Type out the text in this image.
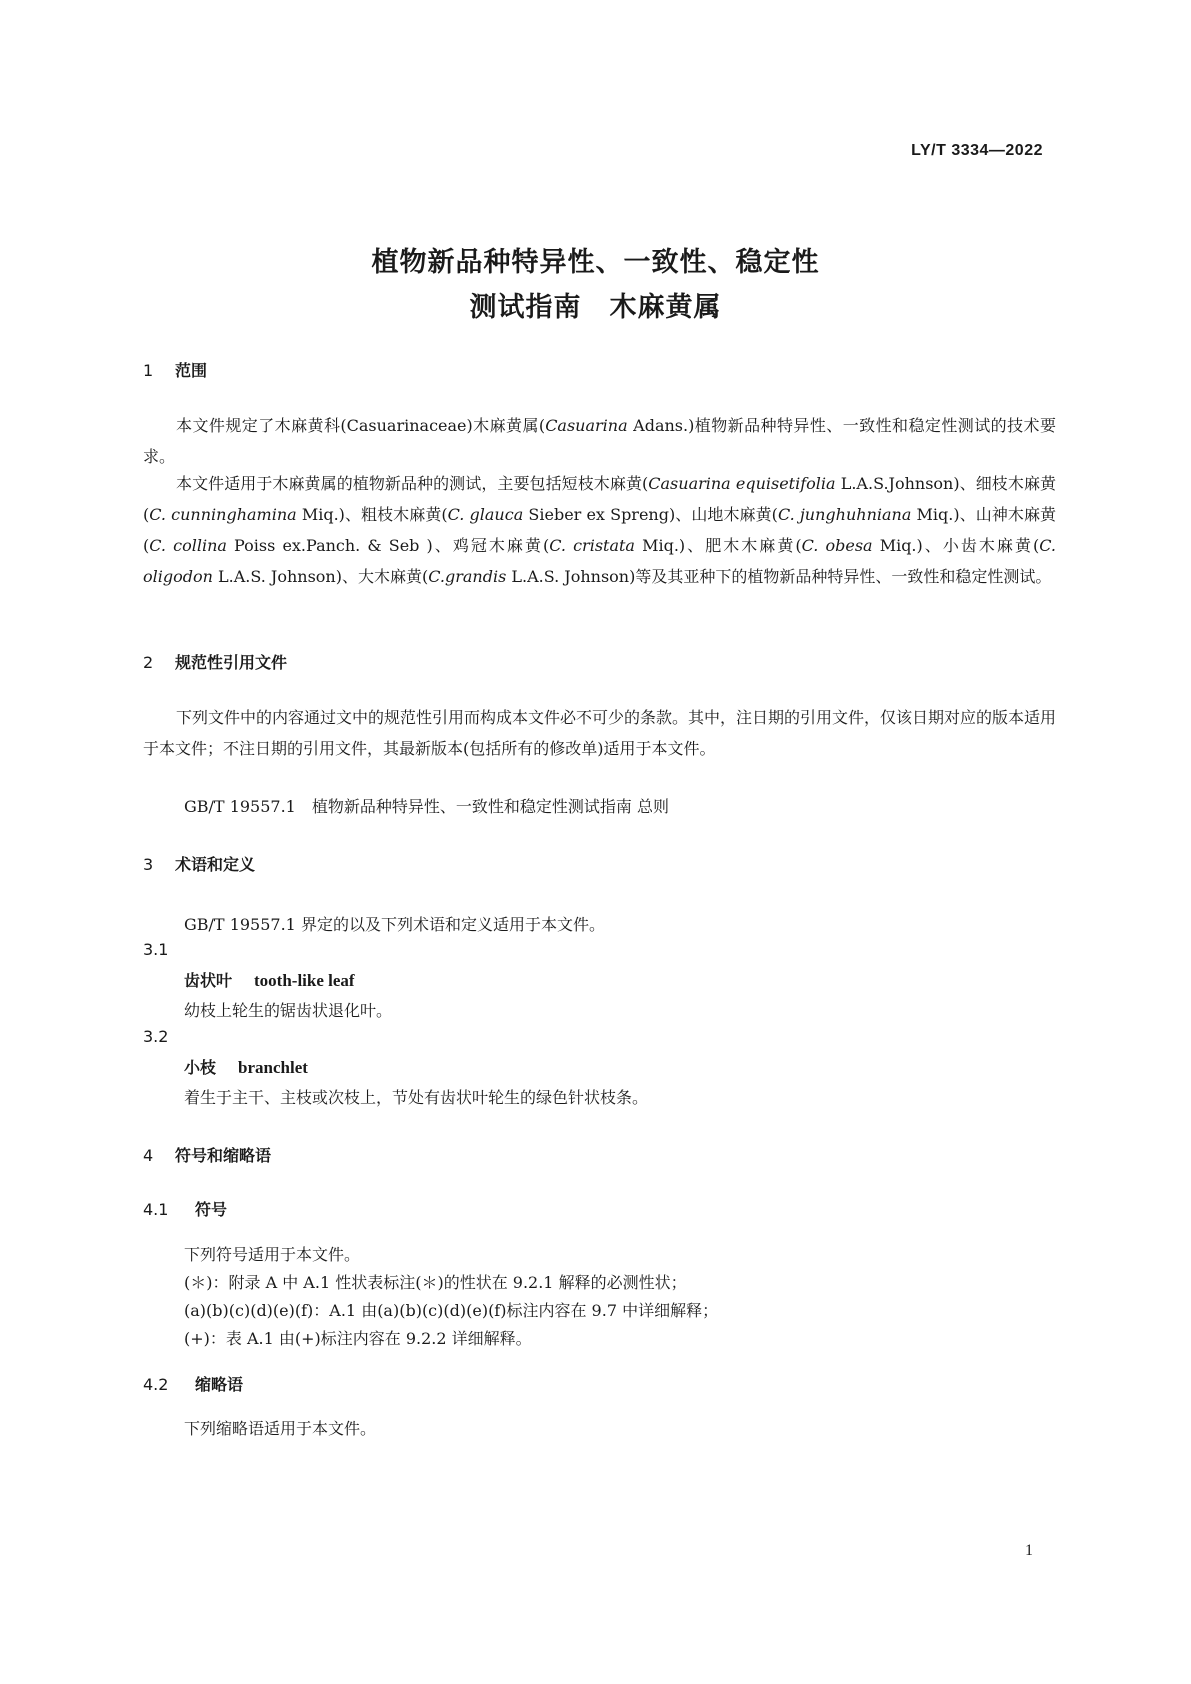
LY/T 3334—2022
植物新品种特异性、一致性、稳定性
测试指南　木麻黄属
1 范围
本文件规定了木麻黄科(Casuarinaceae)木麻黄属(Casuarina Adans.)植物新品种特异性、一致性和稳定性测试的技术要求。
本文件适用于木麻黄属的植物新品种的测试，主要包括短枝木麻黄(Casuarina equisetifolia L.A.S.Johnson)、细枝木麻黄(C. cunninghamina Miq.)、粗枝木麻黄(C. glauca Sieber ex Spreng)、山地木麻黄(C. junghuhniana Miq.)、山神木麻黄(C. collina Poiss ex.Panch. & Seb )、鸡冠木麻黄(C. cristata Miq.)、肥木木麻黄(C. obesa Miq.)、小齿木麻黄(C. oligodon L.A.S. Johnson)、大木麻黄(C.grandis L.A.S. Johnson)等及其亚种下的植物新品种特异性、一致性和稳定性测试。
2 规范性引用文件
下列文件中的内容通过文中的规范性引用而构成本文件必不可少的条款。其中，注日期的引用文件，仅该日期对应的版本适用于本文件；不注日期的引用文件，其最新版本(包括所有的修改单)适用于本文件。
GB/T 19557.1　植物新品种特异性、一致性和稳定性测试指南 总则
3 术语和定义
GB/T 19557.1 界定的以及下列术语和定义适用于本文件。
3.1
齿状叶 tooth-like leaf
幼枝上轮生的锯齿状退化叶。
3.2
小枝 branchlet
着生于主干、主枝或次枝上，节处有齿状叶轮生的绿色针状枝条。
4 符号和缩略语
4.1 符号
下列符号适用于本文件。
(＊)：附录 A 中 A.1 性状表标注(＊)的性状在 9.2.1 解释的必测性状；
(a)(b)(c)(d)(e)(f)：A.1 由(a)(b)(c)(d)(e)(f)标注内容在 9.7 中详细解释；
(+)：表 A.1 由(+)标注内容在 9.2.2 详细解释。
4.2 缩略语
下列缩略语适用于本文件。
1
